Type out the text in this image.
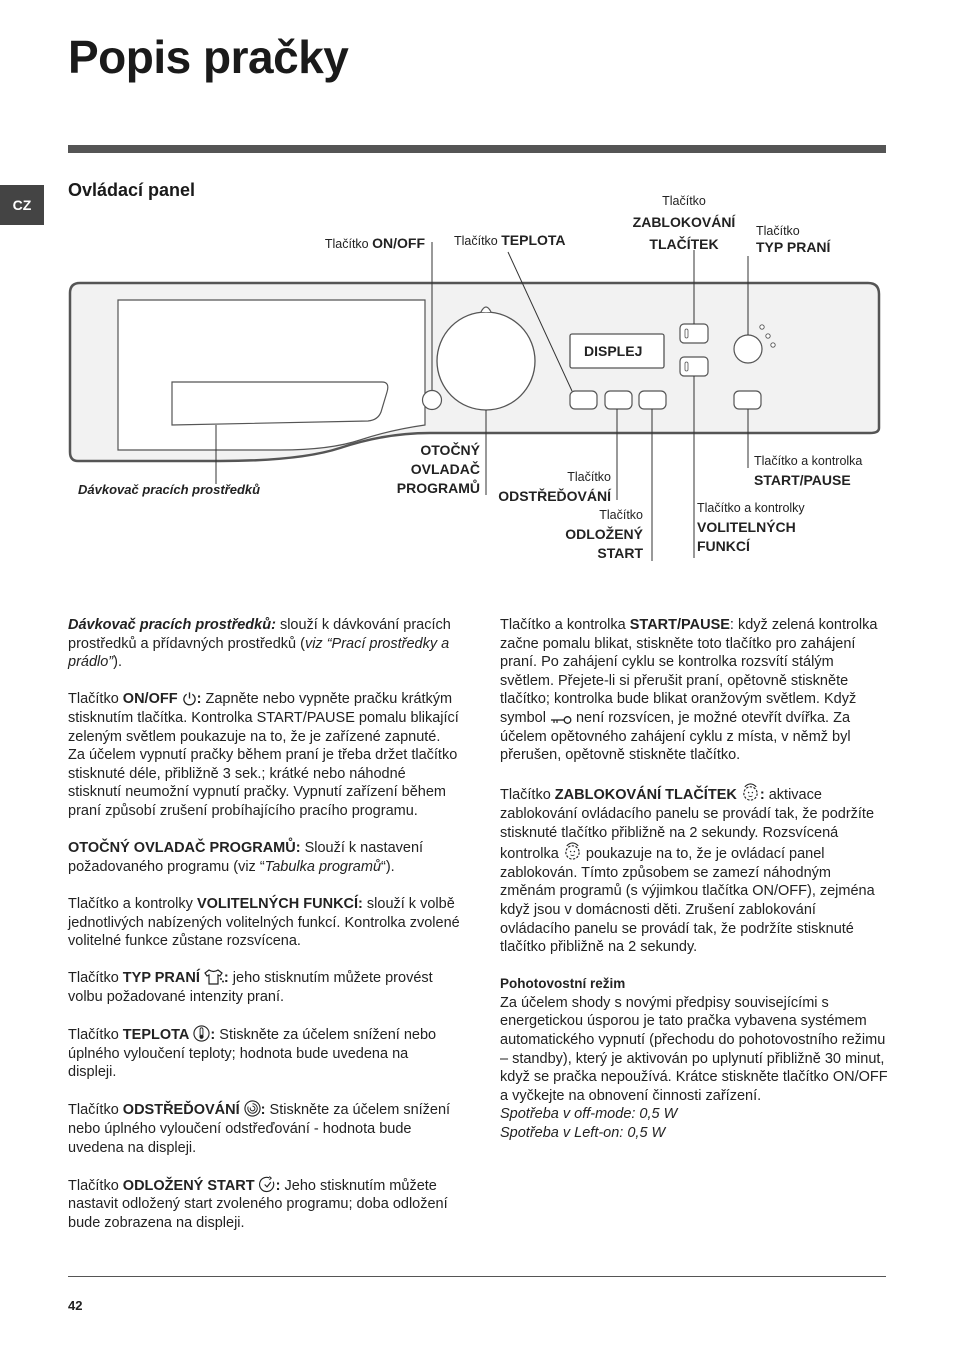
Popis pračky
CZ
Ovládací panel
Tlačítko ON/OFF Tlačítko TEPLOTA
Tlačítko
ZABLOKOVÁNÍ
TLAČÍTEK
Tlačítko
TYP PRANÍ
DISPLEJ
Dávkovač pracích prostředků
OTOČNÝ
OVLADAČ
PROGRAMŮ
Tlačítko
ODSTŘEĎOVÁNÍ
Tlačítko
ODLOŽENÝ
START
Tlačítko a kontrolka
START/PAUSE
Tlačítko a kontrolky
VOLITELNÝCH
FUNKCÍ

Dávkovač pracích prostředků: slouží k dávkování pracích prostředků a přídavných prostředků (viz “Prací prostředky a prádlo”).

Tlačítko ON/OFF : Zapněte nebo vypněte pračku krátkým stisknutím tlačítka. Kontrolka START/PAUSE pomalu blikající zeleným světlem poukazuje na to, že je zařízené zapnuté. Za účelem vypnutí pračky během praní je třeba držet tlačítko stisknuté déle, přibližně 3 sek.; krátké nebo náhodné stisknutí neumožní vypnutí pračky. Vypnutí zařízení během praní způsobí zrušení probíhajícího pracího programu.

OTOČNÝ OVLADAČ PROGRAMŮ: Slouží k nastavení požadovaného programu (viz “Tabulka programů“).

Tlačítko a kontrolky VOLITELNÝCH FUNKCÍ: slouží k volbě jednotlivých nabízených volitelných funkcí. Kontrolka zvolené volitelné funkce zůstane rozsvícena.

Tlačítko TYP PRANÍ : jeho stisknutím můžete provést volbu požadované intenzity praní.

Tlačítko TEPLOTA : Stiskněte za účelem snížení nebo úplného vyloučení teploty; hodnota bude uvedena na displeji.

Tlačítko ODSTŘEĎOVÁNÍ : Stiskněte za účelem snížení nebo úplného vyloučení odstřeďování - hodnota bude uvedena na displeji.

Tlačítko ODLOŽENÝ START : Jeho stisknutím můžete nastavit odložený start zvoleného programu; doba odložení bude zobrazena na displeji.

Tlačítko a kontrolka START/PAUSE: když zelená kontrolka začne pomalu blikat, stiskněte toto tlačítko pro zahájení praní. Po zahájení cyklu se kontrolka rozsvítí stálým světlem. Přejete-li si přerušit praní, opětovně stiskněte tlačítko; kontrolka bude blikat oranžovým světlem. Když symbol  není rozsvícen, je možné otevřít dvířka. Za účelem opětovného zahájení cyklu z místa, v němž byl přerušen, opětovně stiskněte tlačítko.

Tlačítko ZABLOKOVÁNÍ TLAČÍTEK : aktivace zablokování ovládacího panelu se provádí tak, že podržíte stisknuté tlačítko přibližně na 2 sekundy. Rozsvícená kontrolka  poukazuje na to, že je ovládací panel zablokován. Tímto způsobem se zamezí náhodným změnám programů (s výjimkou tlačítka ON/OFF), zejména když jsou v domácnosti děti. Zrušení zablokování ovládacího panelu se provádí tak, že podržíte stisknuté tlačítko přibližně na 2 sekundy.

Pohotovostní režim
Za účelem shody s novými předpisy souvisejícími s energetickou úsporou je tato pračka vybavena systémem automatického vypnutí (přechodu do pohotovostního režimu – standby), který je aktivován po uplynutí přibližně 30 minut, když se pračka nepoužívá. Krátce stiskněte tlačítko ON/OFF a vyčkejte na obnovení činnosti zařízení.
Spotřeba v off-mode: 0,5 W
Spotřeba v Left-on: 0,5 W
42
